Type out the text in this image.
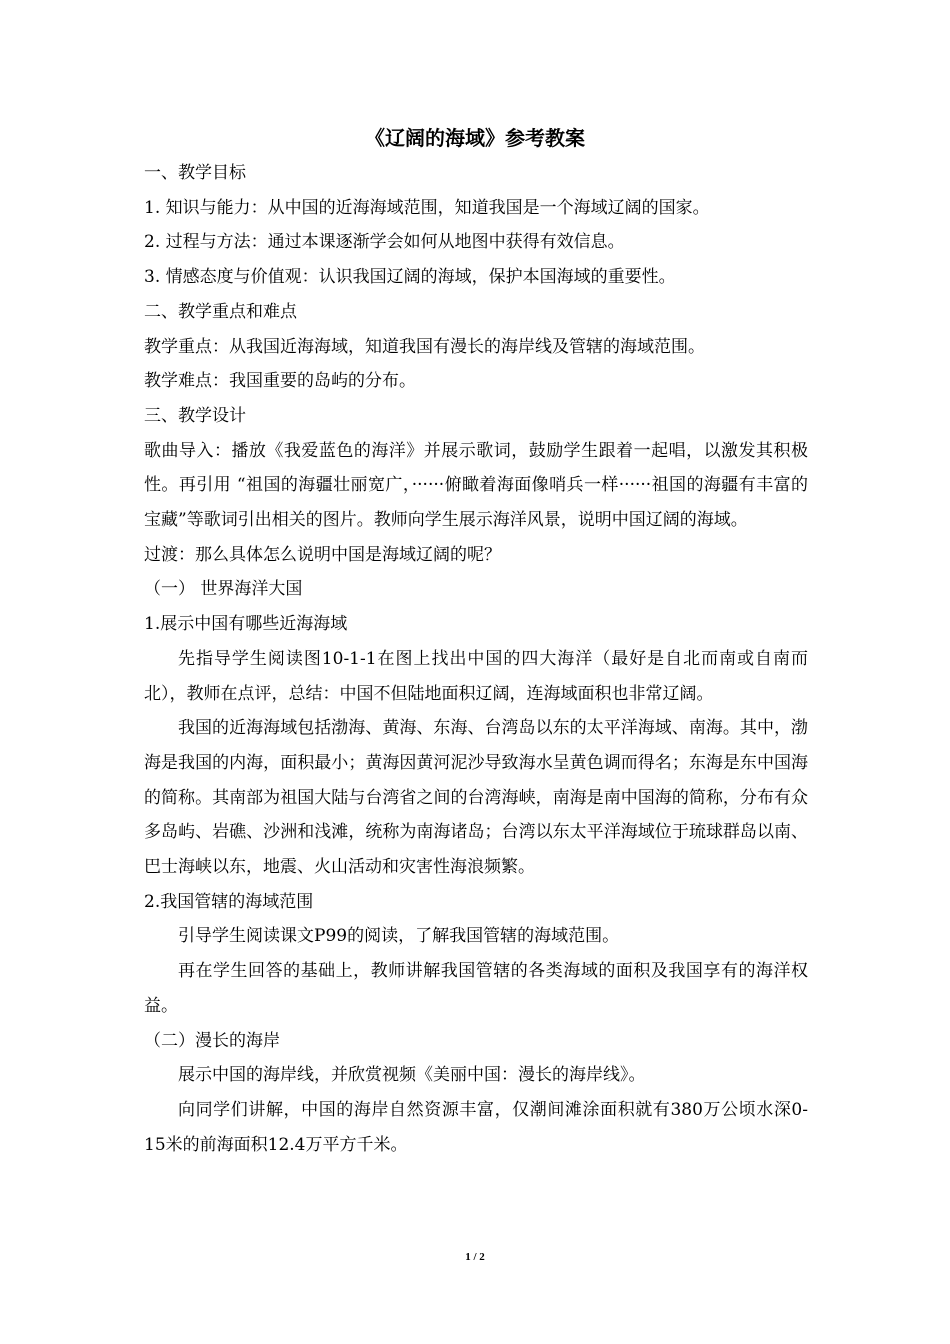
《辽阔的海域》参考教案

一、教学目标

1. 知识与能力：从中国的近海海域范围，知道我国是一个海域辽阔的国家。

2. 过程与方法：通过本课逐渐学会如何从地图中获得有效信息。

3. 情感态度与价值观：认识我国辽阔的海域，保护本国海域的重要性。

二、教学重点和难点

教学重点：从我国近海海域，知道我国有漫长的海岸线及管辖的海域范围。

教学难点：我国重要的岛屿的分布。

三、教学设计

歌曲导入：播放《我爱蓝色的海洋》并展示歌词，鼓励学生跟着一起唱，以激发其积极性。再引用 “祖国的海疆壮丽宽广，······俯瞰着海面像哨兵一样······祖国的海疆有丰富的宝藏”等歌词引出相关的图片。教师向学生展示海洋风景，说明中国辽阔的海域。

过渡：那么具体怎么说明中国是海域辽阔的呢？

（一） 世界海洋大国

1.展示中国有哪些近海海域

先指导学生阅读图10-1-1在图上找出中国的四大海洋（最好是自北而南或自南而北），教师在点评，总结：中国不但陆地面积辽阔，连海域面积也非常辽阔。

我国的近海海域包括渤海、黄海、东海、台湾岛以东的太平洋海域、南海。其中，渤海是我国的内海，面积最小；黄海因黄河泥沙导致海水呈黄色调而得名；东海是东中国海的简称。其南部为祖国大陆与台湾省之间的台湾海峡，南海是南中国海的简称，分布有众多岛屿、岩礁、沙洲和浅滩，统称为南海诸岛；台湾以东太平洋海域位于琉球群岛以南、巴士海峡以东，地震、火山活动和灾害性海浪频繁。

2.我国管辖的海域范围

引导学生阅读课文P99的阅读，了解我国管辖的海域范围。

再在学生回答的基础上，教师讲解我国管辖的各类海域的面积及我国享有的海洋权益。

（二）漫长的海岸

展示中国的海岸线，并欣赏视频《美丽中国：漫长的海岸线》。

向同学们讲解，中国的海岸自然资源丰富，仅潮间滩涂面积就有380万公顷水深0-15米的前海面积12.4万平方千米。

1 / 2
